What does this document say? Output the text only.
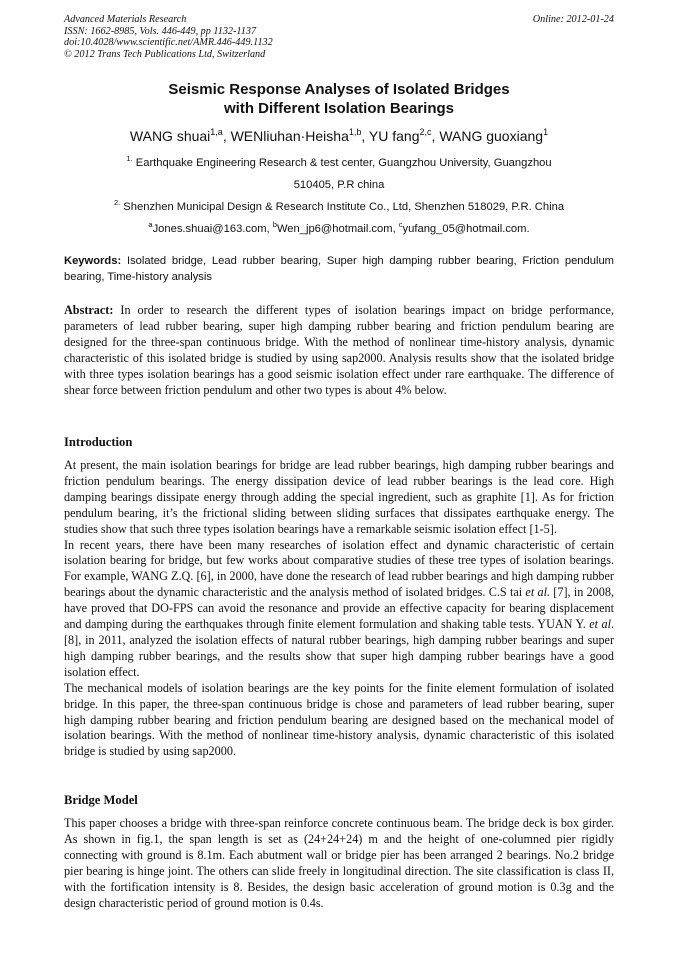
Advanced Materials Research
ISSN: 1662-8985, Vols. 446-449, pp 1132-1137
doi:10.4028/www.scientific.net/AMR.446-449.1132
© 2012 Trans Tech Publications Ltd, Switzerland
Online: 2012-01-24
Seismic Response Analyses of Isolated Bridges
with Different Isolation Bearings
WANG shuai$^{1,a}$, WENliuhan·Heisha$^{1,b}$, YU fang$^{2,c}$, WANG guoxiang$^1$
$^{1.}$ Earthquake Engineering Research & test center, Guangzhou University, Guangzhou
510405, P.R china
$^{2.}$ Shenzhen Municipal Design & Research Institute Co., Ltd, Shenzhen 518029, P.R. China
$^a$Jones.shuai@163.com, $^b$Wen_jp6@hotmail.com, $^c$yufang_05@hotmail.com.
Keywords: Isolated bridge, Lead rubber bearing, Super high damping rubber bearing, Friction pendulum bearing, Time-history analysis

Abstract: In order to research the different types of isolation bearings impact on bridge performance, parameters of lead rubber bearing, super high damping rubber bearing and friction pendulum bearing are designed for the three-span continuous bridge. With the method of nonlinear time-history analysis, dynamic characteristic of this isolated bridge is studied by using sap2000. Analysis results show that the isolated bridge with three types isolation bearings has a good seismic isolation effect under rare earthquake. The difference of shear force between friction pendulum and other two types is about 4% below.

Introduction

At present, the main isolation bearings for bridge are lead rubber bearings, high damping rubber bearings and friction pendulum bearings. The energy dissipation device of lead rubber bearings is the lead core. High damping bearings dissipate energy through adding the special ingredient, such as graphite [1]. As for friction pendulum bearing, it’s the frictional sliding between sliding surfaces that dissipates earthquake energy. The studies show that such three types isolation bearings have a remarkable seismic isolation effect [1-5].

In recent years, there have been many researches of isolation effect and dynamic characteristic of certain isolation bearing for bridge, but few works about comparative studies of these tree types of isolation bearings. For example, WANG Z.Q. [6], in 2000, have done the research of lead rubber bearings and high damping rubber bearings about the dynamic characteristic and the analysis method of isolated bridges. C.S tai et al. [7], in 2008, have proved that DO-FPS can avoid the resonance and provide an effective capacity for bearing displacement and damping during the earthquakes through finite element formulation and shaking table tests. YUAN Y. et al. [8], in 2011, analyzed the isolation effects of natural rubber bearings, high damping rubber bearings and super high damping rubber bearings, and the results show that super high damping rubber bearings have a good isolation effect.

The mechanical models of isolation bearings are the key points for the finite element formulation of isolated bridge. In this paper, the three-span continuous bridge is chose and parameters of lead rubber bearing, super high damping rubber bearing and friction pendulum bearing are designed based on the mechanical model of isolation bearings. With the method of nonlinear time-history analysis, dynamic characteristic of this isolated bridge is studied by using sap2000.

Bridge Model

This paper chooses a bridge with three-span reinforce concrete continuous beam. The bridge deck is box girder. As shown in fig.1, the span length is set as (24+24+24) m and the height of one-columned pier rigidly connecting with ground is 8.1m. Each abutment wall or bridge pier has been arranged 2 bearings. No.2 bridge pier bearing is hinge joint. The others can slide freely in longitudinal direction. The site classification is class II, with the fortification intensity is 8. Besides, the design basic acceleration of ground motion is 0.3g and the design characteristic period of ground motion is 0.4s.
